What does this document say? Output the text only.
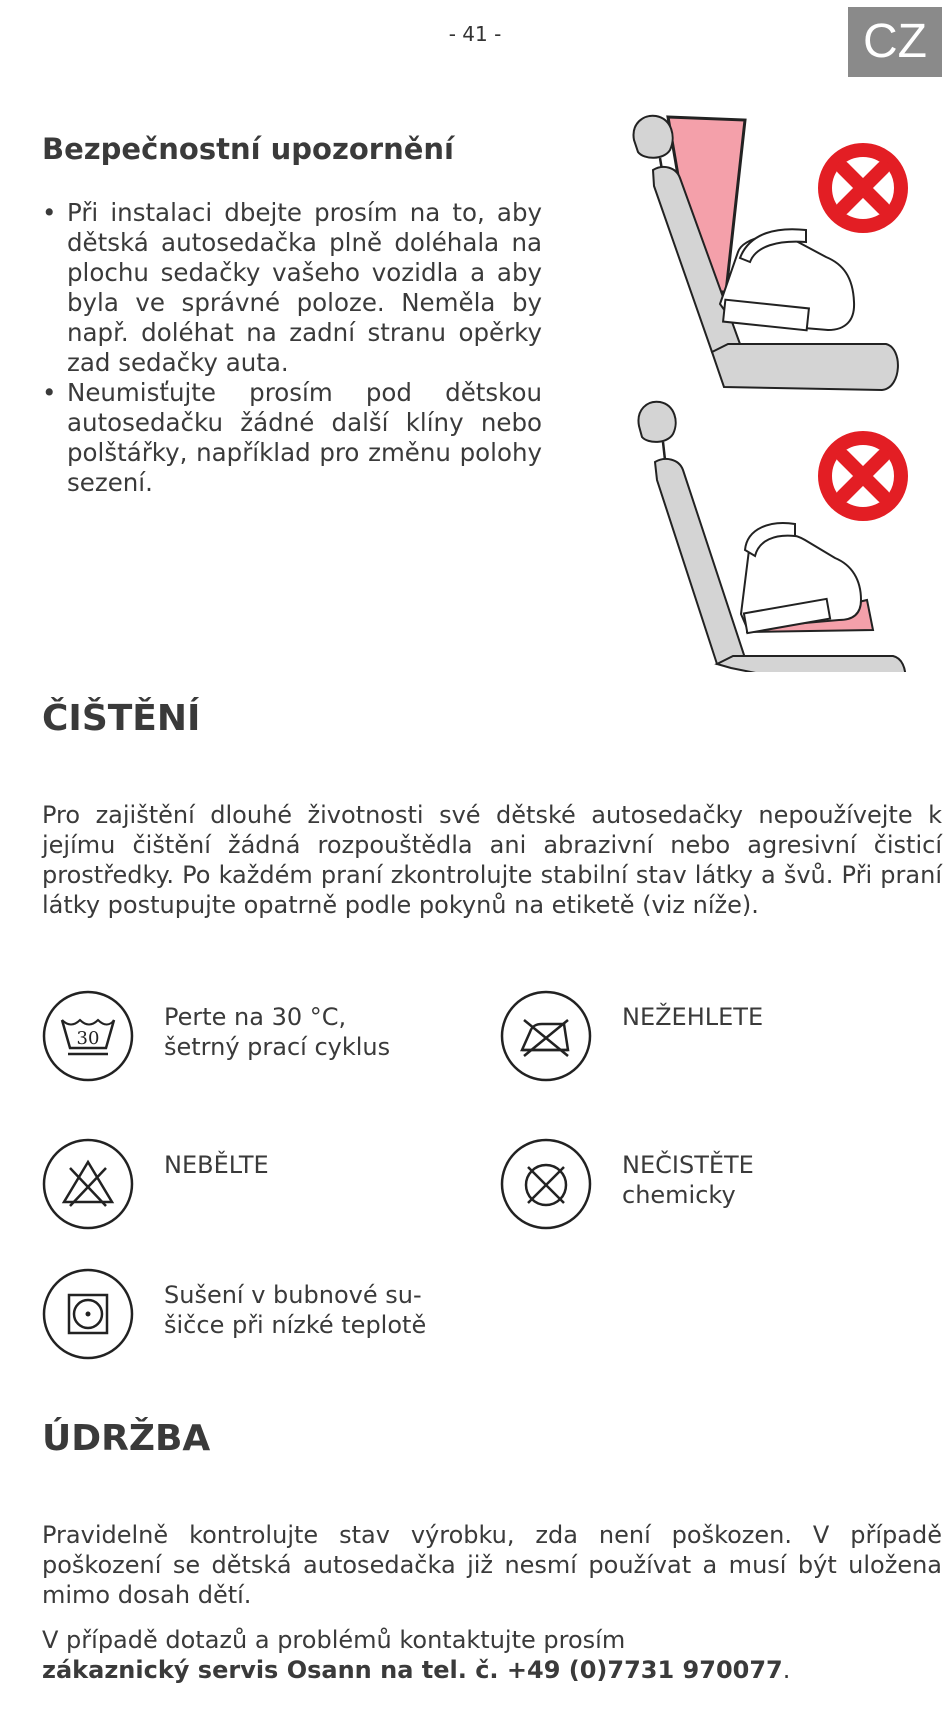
- 41 -	CZ
Bezpečnostní upozornění
• Při instalaci dbejte prosím na to, aby dětská autosedačka plně doléhala na plochu sedačky vašeho vozidla a aby byla ve správné poloze. Neměla by např. doléhat na zadní stranu opěrky zad sedačky auta.
• Neumisťujte prosím pod dětskou autosedačku žádné další klíny nebo polštářky, například pro změnu polohy sezení.
ČIŠTĚNÍ

Pro zajištění dlouhé životnosti své dětské autosedačky nepoužívejte k jejímu čištění žádná rozpouštědla ani abrazivní nebo agresivní čisticí prostředky. Po každém praní zkontrolujte stabilní stav látky a švů. Při praní látky postupujte opatrně podle pokynů na etiketě (viz níže).

30
Perte na 30 °C,
šetrný prací cyklus
NEŽEHLETE
NEBĚLTE	NEČISTĚTE
chemicky
Sušení v bubnové su-
šičce při nízké teplotě
ÚDRŽBA

Pravidelně kontrolujte stav výrobku, zda není poškozen. V případě poškození se dětská autosedačka již nesmí používat a musí být uložena mimo dosah dětí.

V případě dotazů a problémů kontaktujte prosím
zákaznický servis Osann na tel. č. +49 (0)7731 970077.
